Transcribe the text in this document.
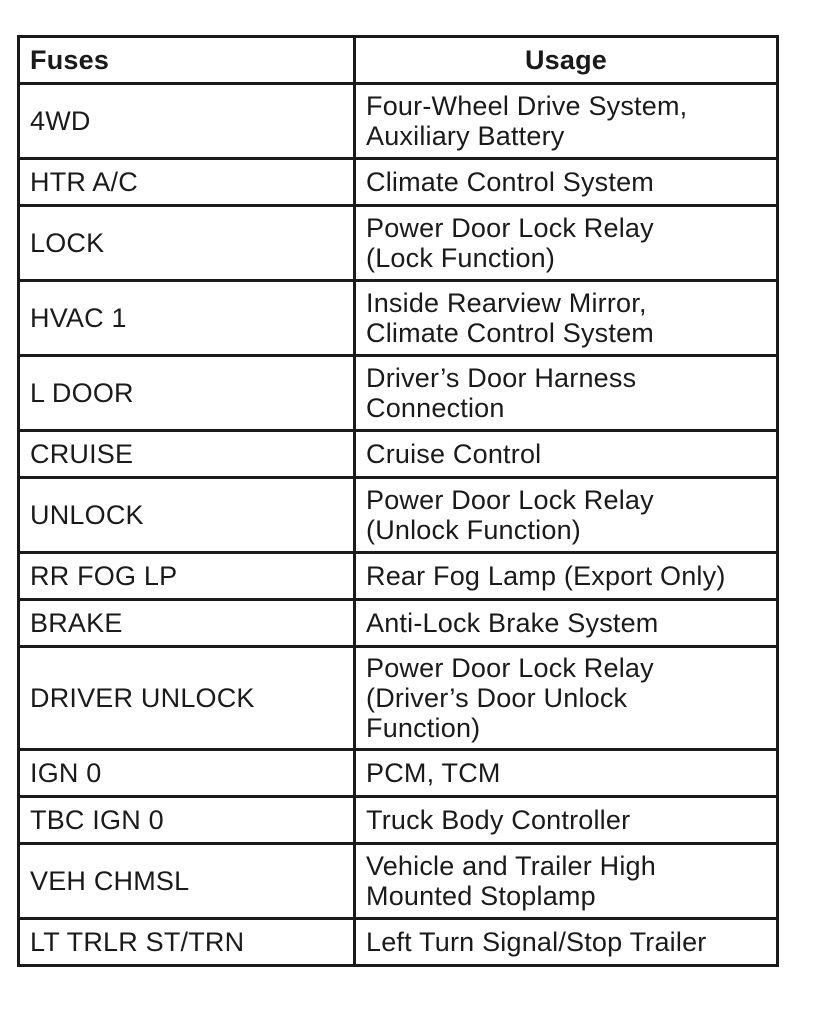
Fuses	Usage
4WD	Four-Wheel Drive System,
Auxiliary Battery

HTR A/C	Climate Control System

LOCK	Power Door Lock Relay
(Lock Function)

HVAC 1	Inside Rearview Mirror,
Climate Control System

L DOOR	Driver’s Door Harness
Connection

CRUISE	Cruise Control

UNLOCK	Power Door Lock Relay
(Unlock Function)

RR FOG LP	Rear Fog Lamp (Export Only)

BRAKE	Anti-Lock Brake System

DRIVER UNLOCK	Power Door Lock Relay
(Driver’s Door Unlock
Function)

IGN 0	PCM, TCM

TBC IGN 0	Truck Body Controller

VEH CHMSL	Vehicle and Trailer High
Mounted Stoplamp

LT TRLR ST/TRN	Left Turn Signal/Stop Trailer
